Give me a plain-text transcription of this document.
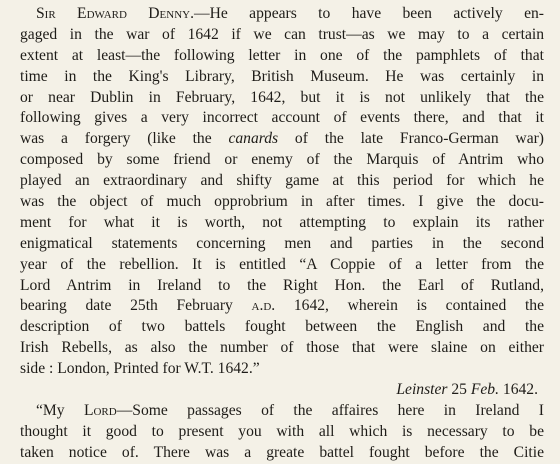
Sir Edward Denny.—He appears to have been actively en-
gaged in the war of 1642 if we can trust—as we may to a certain
extent at least—the following letter in one of the pamphlets of that
time in the King's Library, British Museum. He was certainly in
or near Dublin in February, 1642, but it is not unlikely that the
following gives a very incorrect account of events there, and that it
was a forgery (like the canards of the late Franco-German war)
composed by some friend or enemy of the Marquis of Antrim who
played an extraordinary and shifty game at this period for which he
was the object of much opprobrium in after times. I give the docu-
ment for what it is worth, not attempting to explain its rather
enigmatical statements concerning men and parties in the second
year of the rebellion. It is entitled “A Coppie of a letter from the
Lord Antrim in Ireland to the Right Hon. the Earl of Rutland,
bearing date 25th February a.d. 1642, wherein is contained the
description of two battels fought between the English and the
Irish Rebells, as also the number of those that were slaine on either
side : London, Printed for W.T. 1642.”
Leinster 25 Feb. 1642.
“My Lord—Some passages of the affaires here in Ireland I
thought it good to present you with all which is necessary to be
taken notice of. There was a greate battel fought before the Citie
